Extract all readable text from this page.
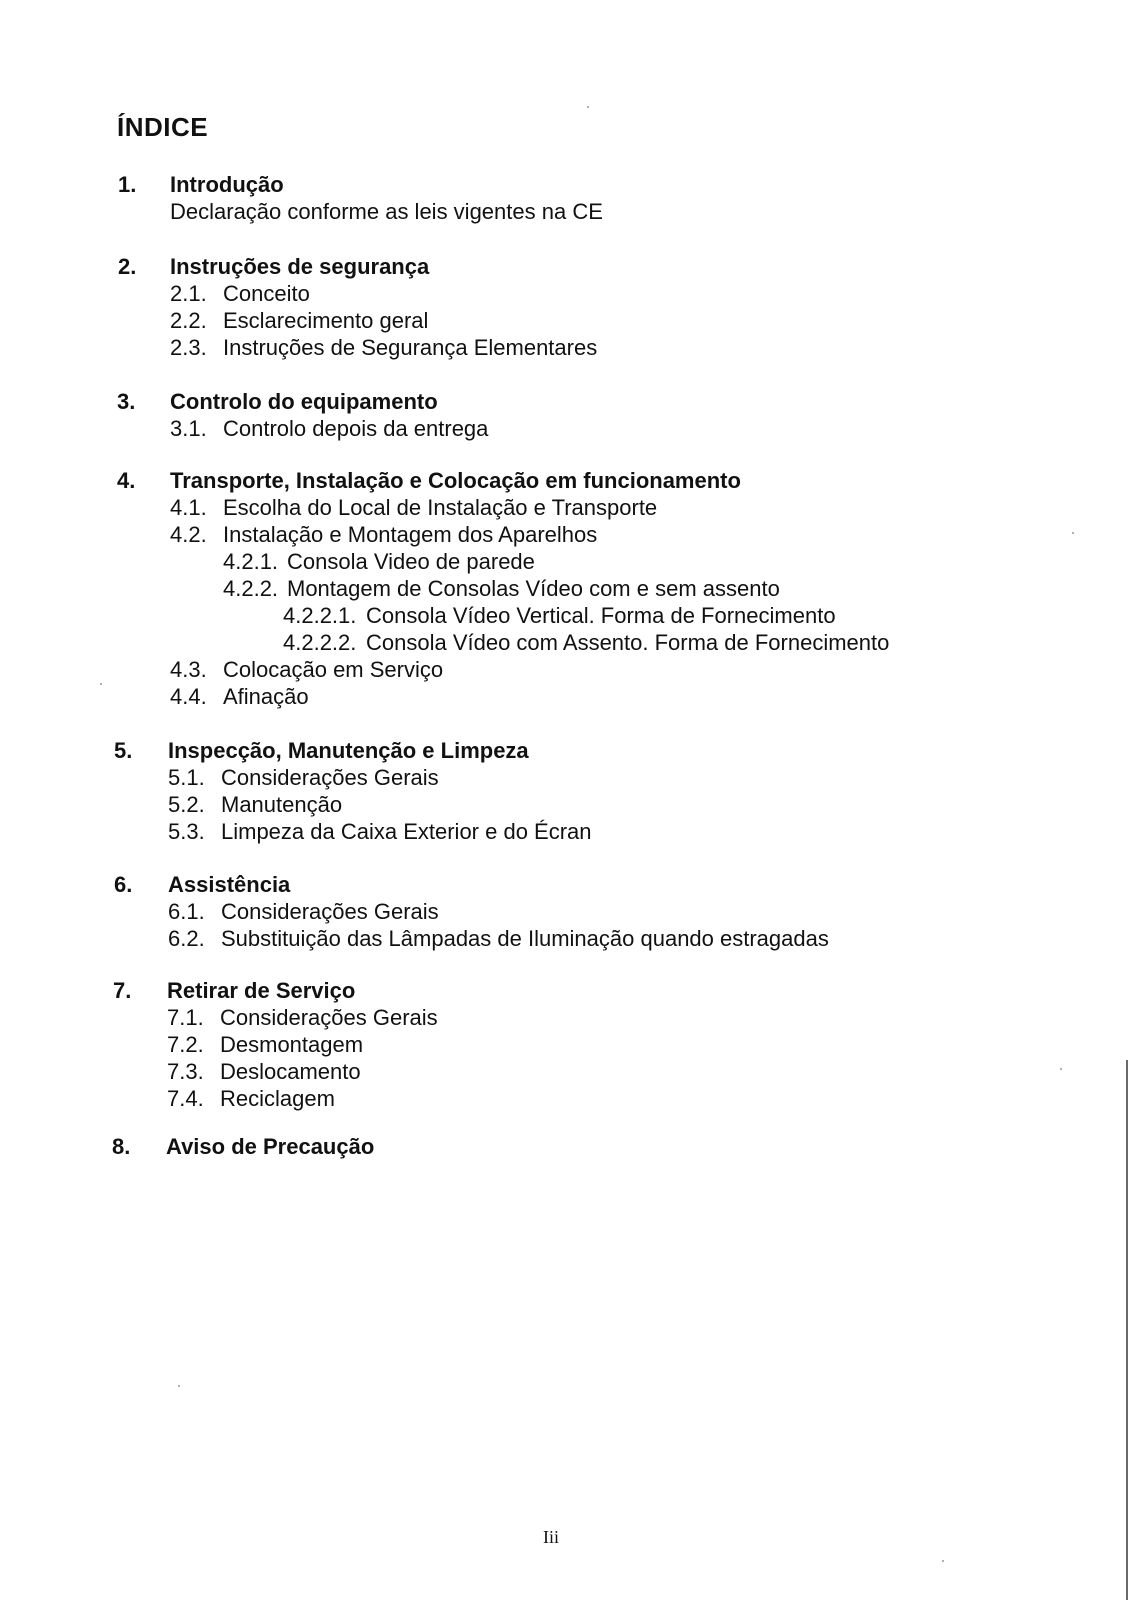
ÍNDICE
1. Introdução
Declaração conforme as leis vigentes na CE
2. Instruções de segurança
2.1. Conceito
2.2. Esclarecimento geral
2.3. Instruções de Segurança Elementares
3. Controlo do equipamento
3.1. Controlo depois da entrega
4. Transporte, Instalação e Colocação em funcionamento
4.1. Escolha do Local de Instalação e Transporte
4.2. Instalação e Montagem dos Aparelhos
4.2.1. Consola Video de parede
4.2.2. Montagem de Consolas Vídeo com e sem assento
4.2.2.1. Consola Vídeo Vertical. Forma de Fornecimento
4.2.2.2. Consola Vídeo com Assento. Forma de Fornecimento
4.3. Colocação em Serviço
4.4. Afinação
5. Inspecção, Manutenção e Limpeza
5.1. Considerações Gerais
5.2. Manutenção
5.3. Limpeza da Caixa Exterior e do Écran
6. Assistência
6.1. Considerações Gerais
6.2. Substituição das Lâmpadas de Iluminação quando estragadas
7. Retirar de Serviço
7.1. Considerações Gerais
7.2. Desmontagem
7.3. Deslocamento
7.4. Reciclagem
8. Aviso de Precaução
Iii
